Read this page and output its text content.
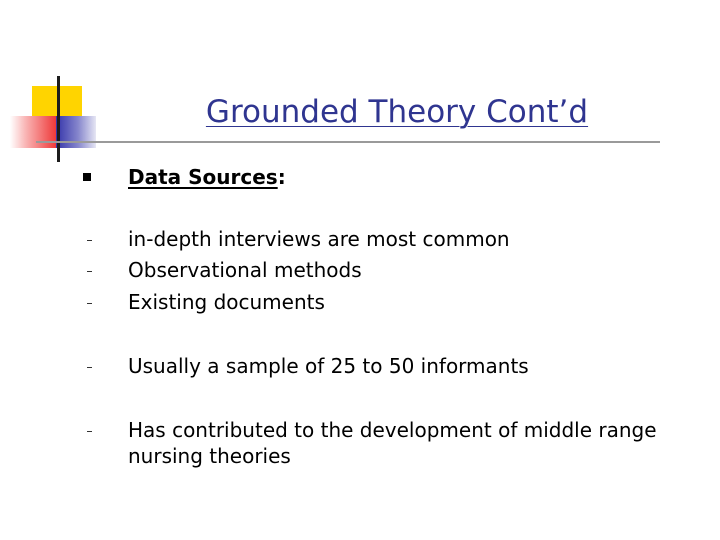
Grounded Theory Cont’d
Data Sources:
in-depth interviews are most common
Observational methods
Existing documents
Usually a sample of 25 to 50 informants
Has contributed to the development of middle range
nursing theories
